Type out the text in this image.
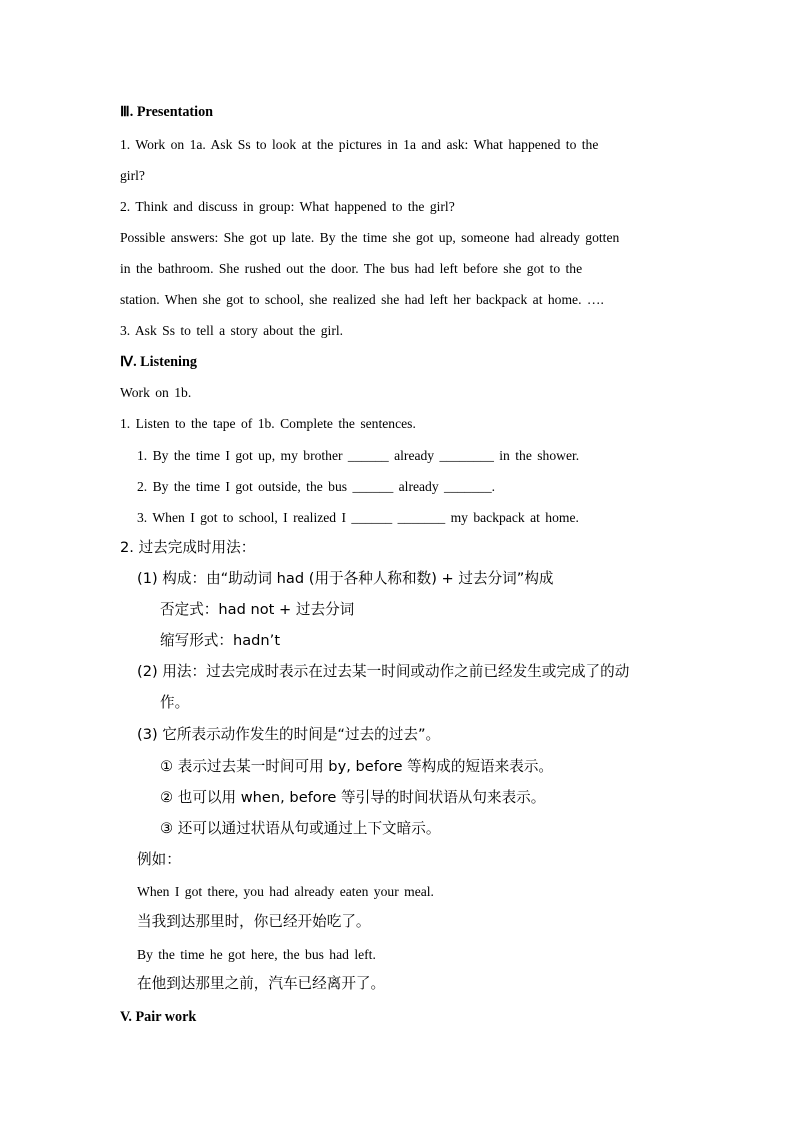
Ⅲ. Presentation
1. Work on 1a. Ask Ss to look at the pictures in 1a and ask: What happened to the
girl?
2. Think and discuss in group: What happened to the girl?
Possible answers: She got up late. By the time she got up, someone had already gotten
in the bathroom. She rushed out the door. The bus had left before she got to the
station. When she got to school, she realized she had left her backpack at home. ….
3. Ask Ss to tell a story about the girl.
Ⅳ. Listening
Work on 1b.
1. Listen to the tape of 1b. Complete the sentences.
1. By the time I got up, my brother ______ already ________ in the shower.
2. By the time I got outside, the bus ______ already _______.
3. When I got to school, I realized I ______ _______ my backpack at home.
2. 过去完成时用法：
(1) 构成：由“助动词 had (用于各种人称和数) + 过去分词”构成
否定式：had not + 过去分词
缩写形式：hadn’t
(2) 用法：过去完成时表示在过去某一时间或动作之前已经发生或完成了的动
作。
(3) 它所表示动作发生的时间是“过去的过去”。
① 表示过去某一时间可用 by, before 等构成的短语来表示。
② 也可以用 when, before 等引导的时间状语从句来表示。
③ 还可以通过状语从句或通过上下文暗示。
例如：
When I got there, you had already eaten your meal.
当我到达那里时，你已经开始吃了。
By the time he got here, the bus had left.
在他到达那里之前，汽车已经离开了。
V. Pair work
